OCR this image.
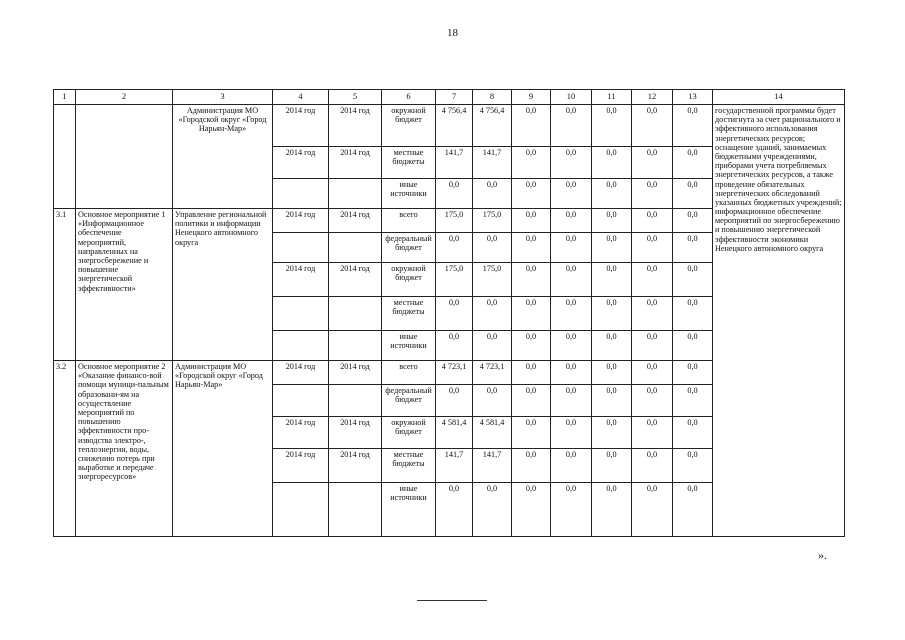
18
1	2	3	4	5	6	7	8	9	10	11	12	13	14
		Администрация МО «Городской округ «Город Нарьян-Мар»	2014 год	2014 год	окружной бюджет	4 756,4	4 756,4	0,0	0,0	0,0	0,0	0,0	государственной программы будет достигнута за счет рационального и эффективного использования энергетических ресурсов; оснащение зданий, занимаемых бюджетными учреждениями, приборами учета потребляемых энергетических ресурсов, а также проведение обязательных энергетических обследований указанных бюджетных учреждений; информационное обеспечение мероприятий по энергосбережению и повышению энергетической эффективности экономики Ненецкого автономного округа
			2014 год	2014 год	местные бюджеты	141,7	141,7	0,0	0,0	0,0	0,0	0,0	
					иные источники	0,0	0,0	0,0	0,0	0,0	0,0	0,0	
3.1	Основное мероприятие 1 «Информационное обеспечение мероприятий, направленных на энергосбережение и повышение энергетической эффективности»	Управление региональной политики и информации Ненецкого автономного округа	2014 год	2014 год	всего	175,0	175,0	0,0	0,0	0,0	0,0	0,0	
					федеральный бюджет	0,0	0,0	0,0	0,0	0,0	0,0	0,0	
			2014 год	2014 год	окружной бюджет	175,0	175,0	0,0	0,0	0,0	0,0	0,0	
					местные бюджеты	0,0	0,0	0,0	0,0	0,0	0,0	0,0	
					иные источники	0,0	0,0	0,0	0,0	0,0	0,0	0,0	
3.2	Основное мероприятие 2 «Оказание финансо-вой помощи муници-пальным образовани-ям на осуществление мероприятий по повышению эффективности про-изводства электро-, теплоэнергии, воды, снижению потерь при выработке и передаче энергоресурсов»	Администрация МО «Городской округ «Город Нарьян-Мар»	2014 год	2014 год	всего	4 723,1	4 723,1	0,0	0,0	0,0	0,0	0,0	
					федеральный бюджет	0,0	0,0	0,0	0,0	0,0	0,0	0,0	
			2014 год	2014 год	окружной бюджет	4 581,4	4 581,4	0,0	0,0	0,0	0,0	0,0	
			2014 год	2014 год	местные бюджеты	141,7	141,7	0,0	0,0	0,0	0,0	0,0	
					иные источники	0,0	0,0	0,0	0,0	0,0	0,0	0,0	
».
